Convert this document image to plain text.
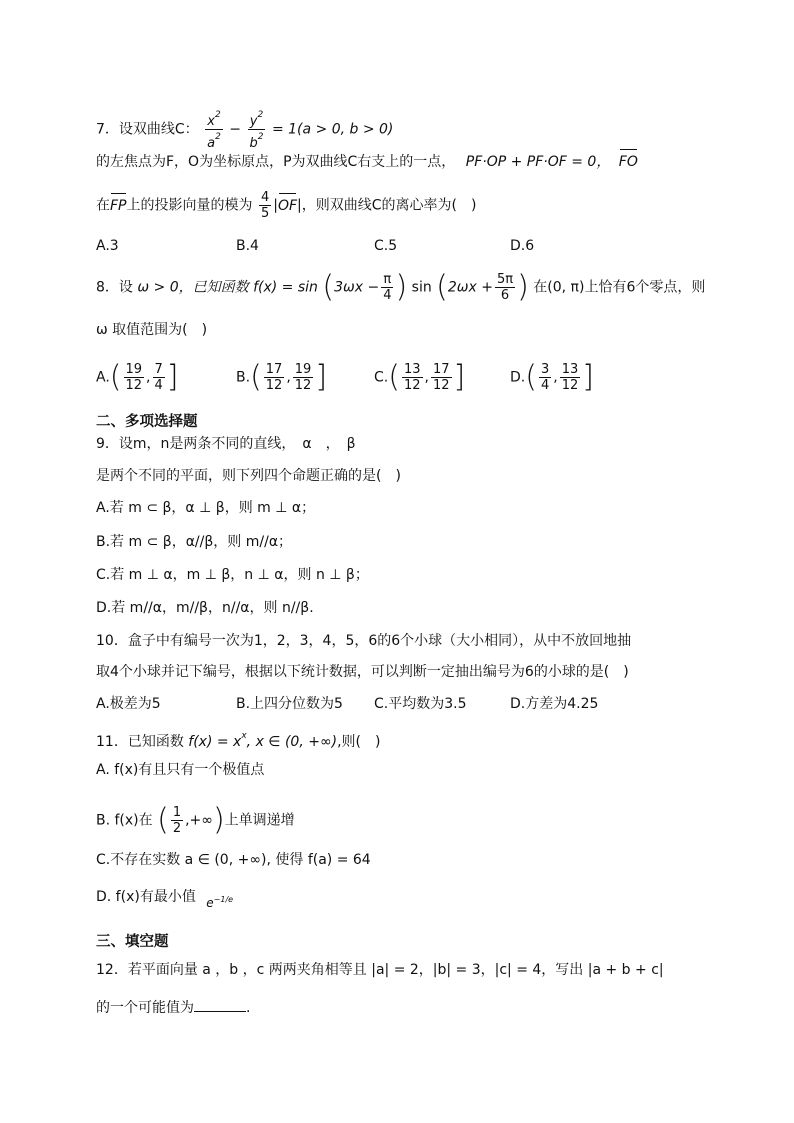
7．设双曲线C： $\frac{x^2}{a^2} - \frac{y^2}{b^2} = 1(a > 0$, b > 0)
的左焦点为F，O为坐标原点，P为双曲线C右支上的一点， PF·OP + PF·OF = 0， FO
在FP上的投影向量的模为 $\frac{4}{5} |OF|$，则双曲线C的离心率为(　)
A.3	B.4	C.5	D.6
8．设 ω > 0，已知函数 $f(x) = \sin (3\omega x - \frac{\pi}{4}$ ) $\sin (2\omega x + \frac{5\pi}{6}$ ) 在(0, π)上恰有6个零点，则
ω 取值范围为(　)
$A.( \frac{19}{12}$ , $\frac{7}{4}$ ]	$B.( \frac{17}{12}$ , $\frac{19}{12}$ ]	$C.( \frac{13}{12}$ , $\frac{17}{12}$ ]	$D.( \frac{3}{4}$ , $\frac{13}{12}$ ]
二、多项选择题
9．设m，n是两条不同的直线，　α　，　β
是两个不同的平面，则下列四个命题正确的是(　)
A.若 m ⊂ β，α ⊥ β，则 m ⊥ α；
B.若 m ⊂ β，α//β，则 m//α；
C.若 m ⊥ α，m ⊥ β，n ⊥ α，则 n ⊥ β；
D.若 m//α，m//β，n//α，则 n//β.
10．盒子中有编号一次为1，2，3，4，5，6的6个小球（大小相同），从中不放回地抽
取4个小球并记下编号，根据以下统计数据，可以判断一定抽出编号为6的小球的是(　)
A.极差为5	B.上四分位数为5 C.平均数为3.5	D.方差为4.25
11．已知函数 $f(x) = x^x$, x ∈ (0, +∞),则(　)
A. f(x)有且只有一个极值点
B. f(x)在 ( $\frac{1}{2}$ ,+∞)上单调递增
C.不存在实数 a ∈ (0, +∞), 使得 f(a) = 64
D. f(x)有最小值 $e^{-1/e}$
三、填空题
12．若平面向量 a ，b ，c 两两夹角相等且 |a| = 2，|b| = 3，|c| = 4，写出 |a + b + c|
的一个可能值为	.
